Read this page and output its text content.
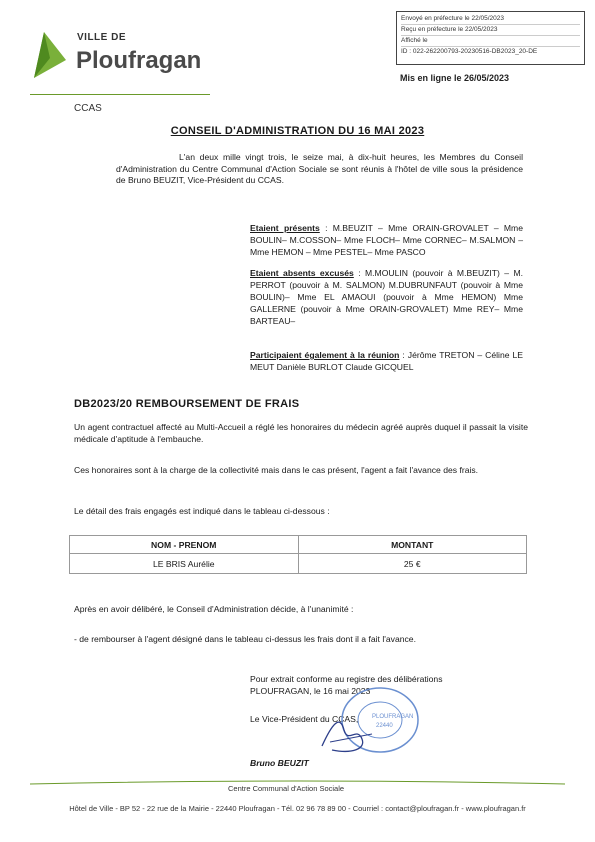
VILLE DE
Ploufragan
CCAS
Envoyé en préfecture le 22/05/2023
Reçu en préfecture le 22/05/2023
Affiché le
ID : 022-262200793-20230516-DB2023_20-DE
Mis en ligne le 26/05/2023
CONSEIL D'ADMINISTRATION DU 16 MAI 2023
L'an deux mille vingt trois, le seize mai, à dix-huit heures, les Membres du Conseil d'Administration du Centre Communal d'Action Sociale se sont réunis à l'hôtel de ville sous la présidence de Bruno BEUZIT, Vice-Président du CCAS.
Etaient présents : M.BEUZIT – Mme ORAIN-GROVALET – Mme BOULIN– M.COSSON– Mme FLOCH– Mme CORNEC– M.SALMON – Mme HEMON – Mme PESTEL– Mme PASCO
Etaient absents excusés : M.MOULIN (pouvoir à M.BEUZIT) – M. PERROT (pouvoir à M. SALMON) M.DUBRUNFAUT (pouvoir à Mme BOULIN)– Mme EL AMAOUI (pouvoir à Mme HEMON) Mme GALLERNE (pouvoir à Mme ORAIN-GROVALET) Mme REY– Mme BARTEAU–
Participaient également à la réunion : Jérôme TRETON – Céline LE MEUT Danièle BURLOT Claude GICQUEL
DB2023/20 REMBOURSEMENT DE FRAIS
Un agent contractuel affecté au Multi-Accueil a réglé les honoraires du médecin agréé auprès duquel il passait la visite médicale d'aptitude à l'embauche.
Ces honoraires sont à la charge de la collectivité mais dans le cas présent, l'agent a fait l'avance des frais.
Le détail des frais engagés est indiqué dans le tableau ci-dessous :
NOM - PRENOM	MONTANT
LE BRIS Aurélie	25 €
Après en avoir délibéré, le Conseil d'Administration décide, à l'unanimité :
- de rembourser à l'agent désigné dans le tableau ci-dessus les frais dont il a fait l'avance.
Pour extrait conforme au registre des délibérations
PLOUFRAGAN, le 16 mai 2023
Le Vice-Président du CCAS, PLOUFRAGAN
22440
Bruno BEUZIT
Centre Communal d'Action Sociale
Hôtel de Ville - BP 52 - 22 rue de la Mairie - 22440 Ploufragan - Tél. 02 96 78 89 00 - Courriel : contact@ploufragan.fr - www.ploufragan.fr
